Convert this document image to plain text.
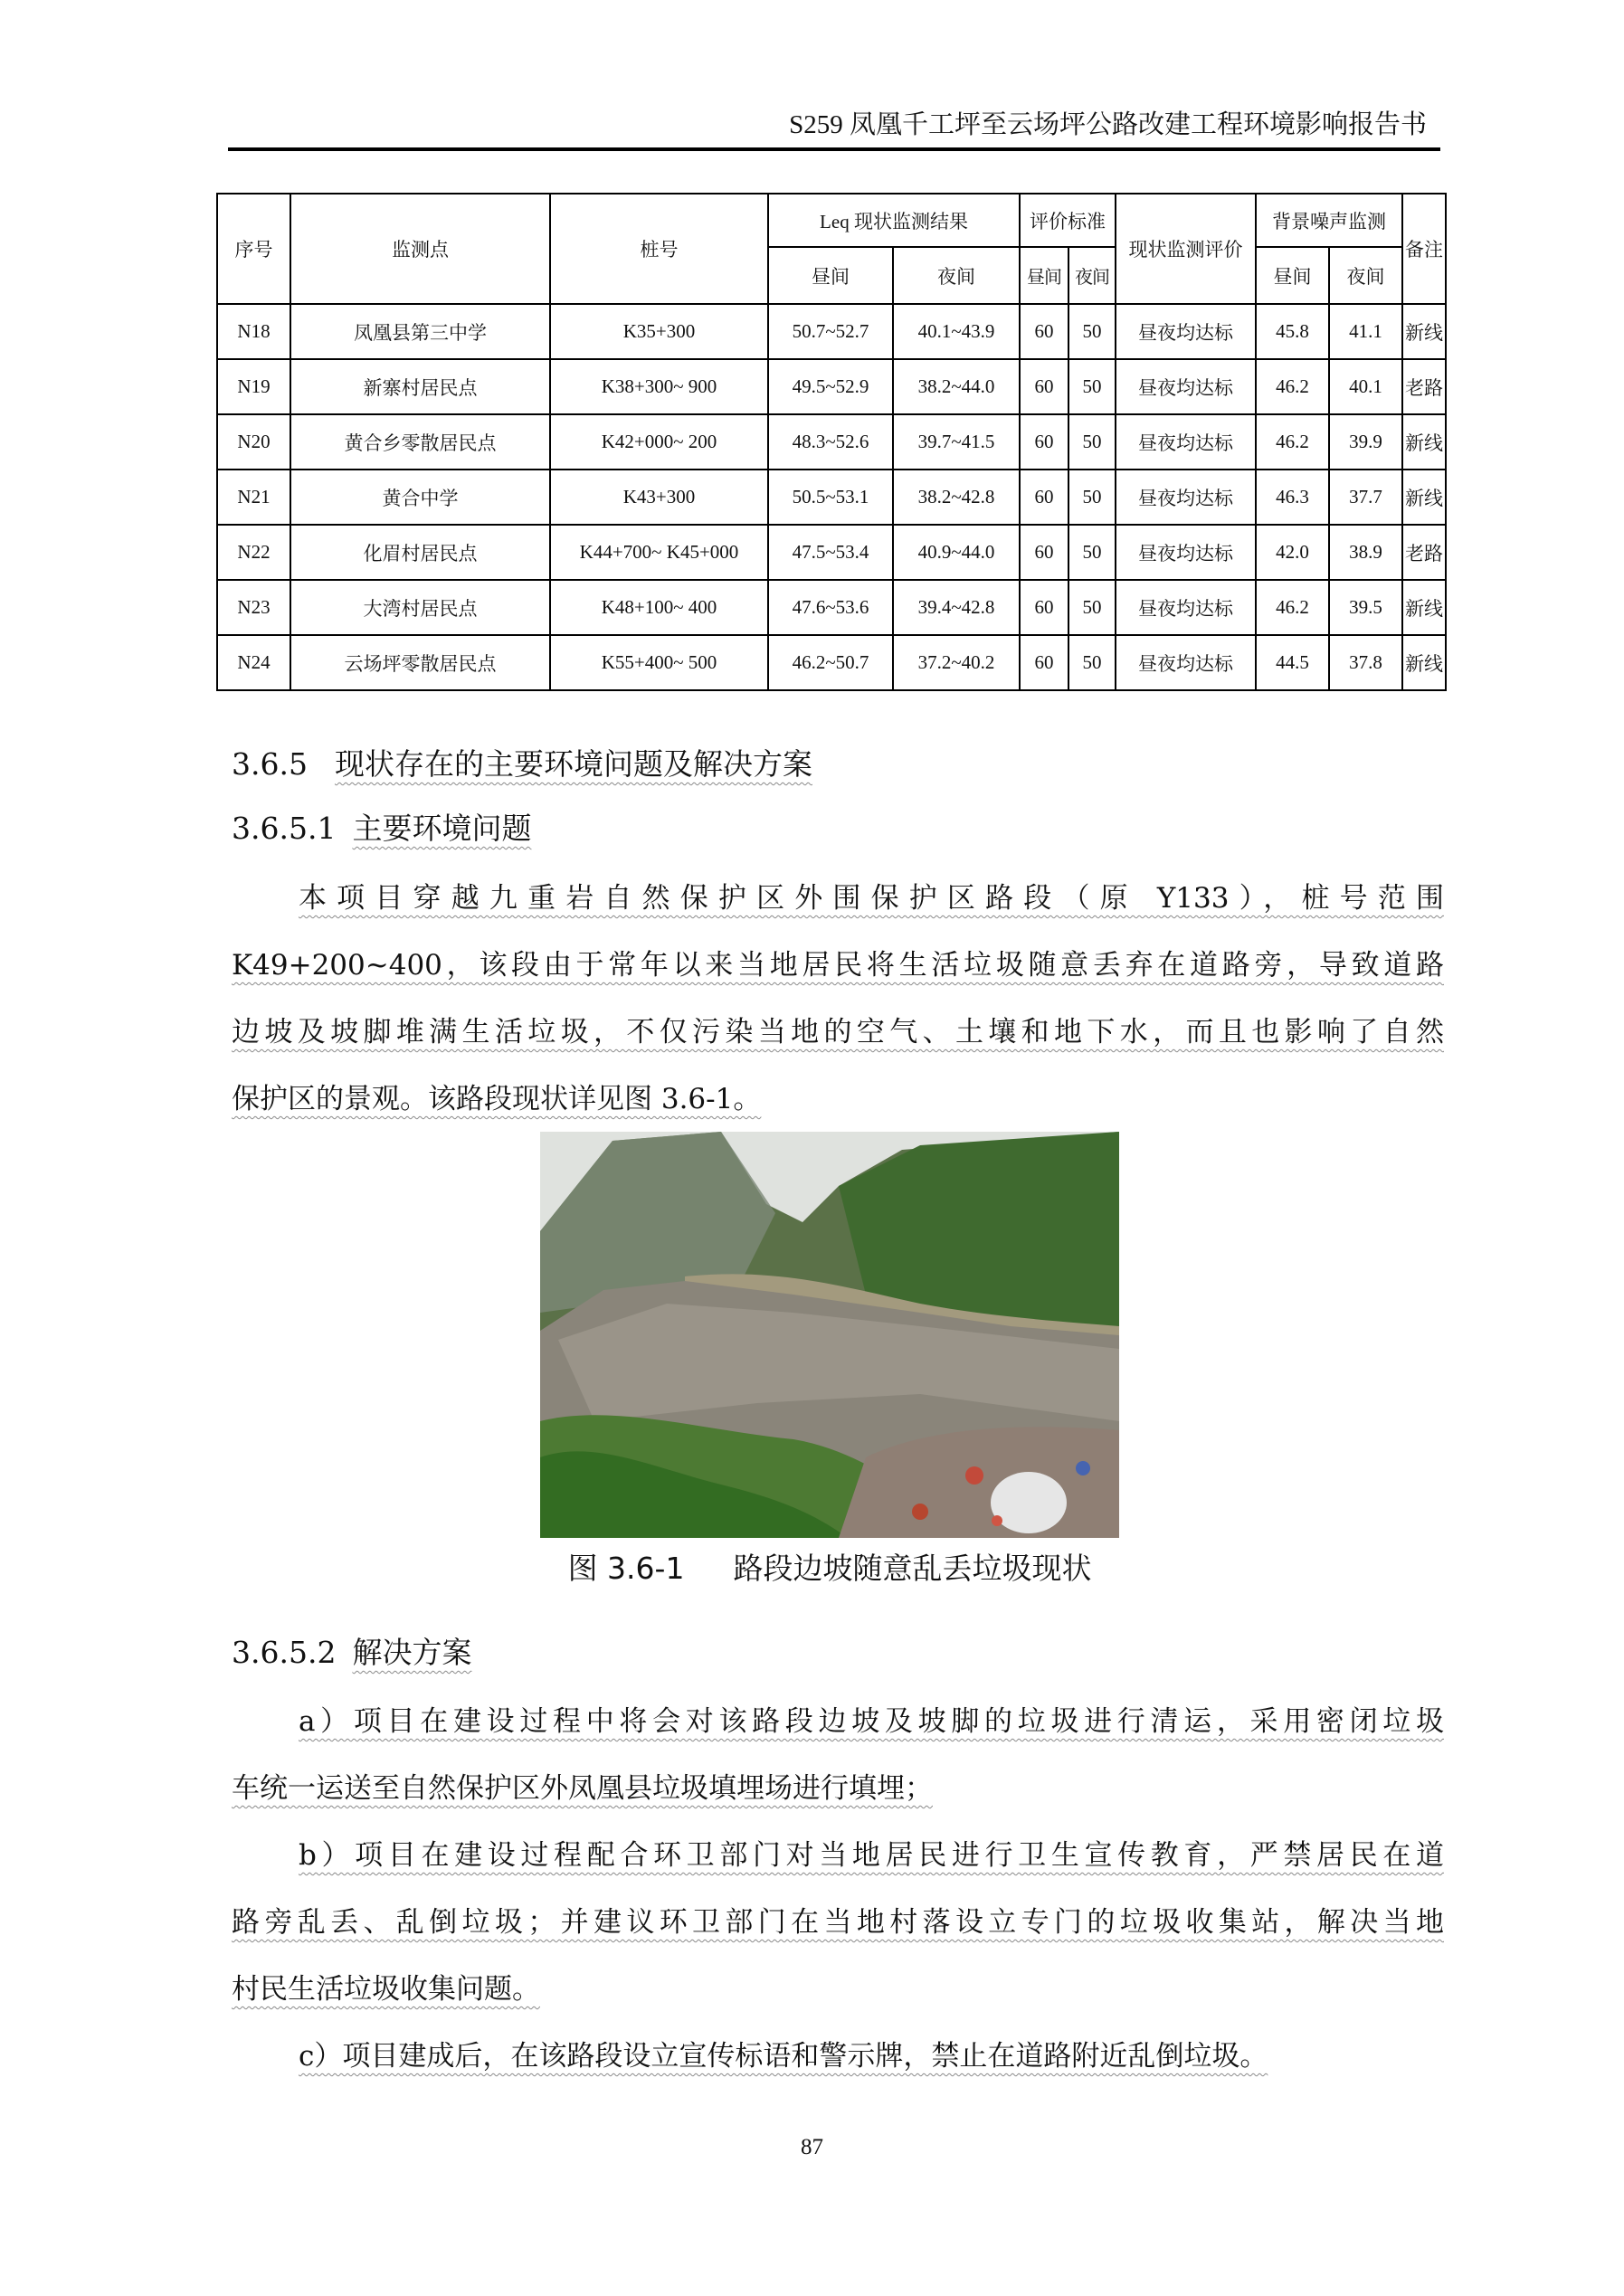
S259 凤凰千工坪至云场坪公路改建工程环境影响报告书
序号	监测点	桩号	Leq 现状监测结果		评价标准		现状监测评价	背景噪声监测		备注
			昼间	夜间	昼间	夜间		昼间	夜间	
N18	凤凰县第三中学	K35+300	50.7~52.7	40.1~43.9	60	50	昼夜均达标	45.8	41.1	新线
N19	新寨村居民点	K38+300~ 900	49.5~52.9	38.2~44.0	60	50	昼夜均达标	46.2	40.1	老路
N20	黄合乡零散居民点	K42+000~ 200	48.3~52.6	39.7~41.5	60	50	昼夜均达标	46.2	39.9	新线
N21	黄合中学	K43+300	50.5~53.1	38.2~42.8	60	50	昼夜均达标	46.3	37.7	新线
N22	化眉村居民点	K44+700~ K45+000	47.5~53.4	40.9~44.0	60	50	昼夜均达标	42.0	38.9	老路
N23	大湾村居民点	K48+100~ 400	47.6~53.6	39.4~42.8	60	50	昼夜均达标	46.2	39.5	新线
N24	云场坪零散居民点	K55+400~ 500	46.2~50.7	37.2~40.2	60	50	昼夜均达标	44.5	37.8	新线
3.6.5 现状存在的主要环境问题及解决方案
3.6.5.1 主要环境问题
本项目穿越九重岩自然保护区外围保护区路段（原 Y133），桩号范围
K49+200~400，该段由于常年以来当地居民将生活垃圾随意丢弃在道路旁，导致道路
边坡及坡脚堆满生活垃圾，不仅污染当地的空气、土壤和地下水，而且也影响了自然
保护区的景观。该路段现状详见图 3.6-1。
图 3.6-1 路段边坡随意乱丢垃圾现状
3.6.5.2 解决方案
a）项目在建设过程中将会对该路段边坡及坡脚的垃圾进行清运，采用密闭垃圾
车统一运送至自然保护区外凤凰县垃圾填埋场进行填埋；
b）项目在建设过程配合环卫部门对当地居民进行卫生宣传教育，严禁居民在道
路旁乱丢、乱倒垃圾；并建议环卫部门在当地村落设立专门的垃圾收集站，解决当地
村民生活垃圾收集问题。
c）项目建成后，在该路段设立宣传标语和警示牌，禁止在道路附近乱倒垃圾。
87
